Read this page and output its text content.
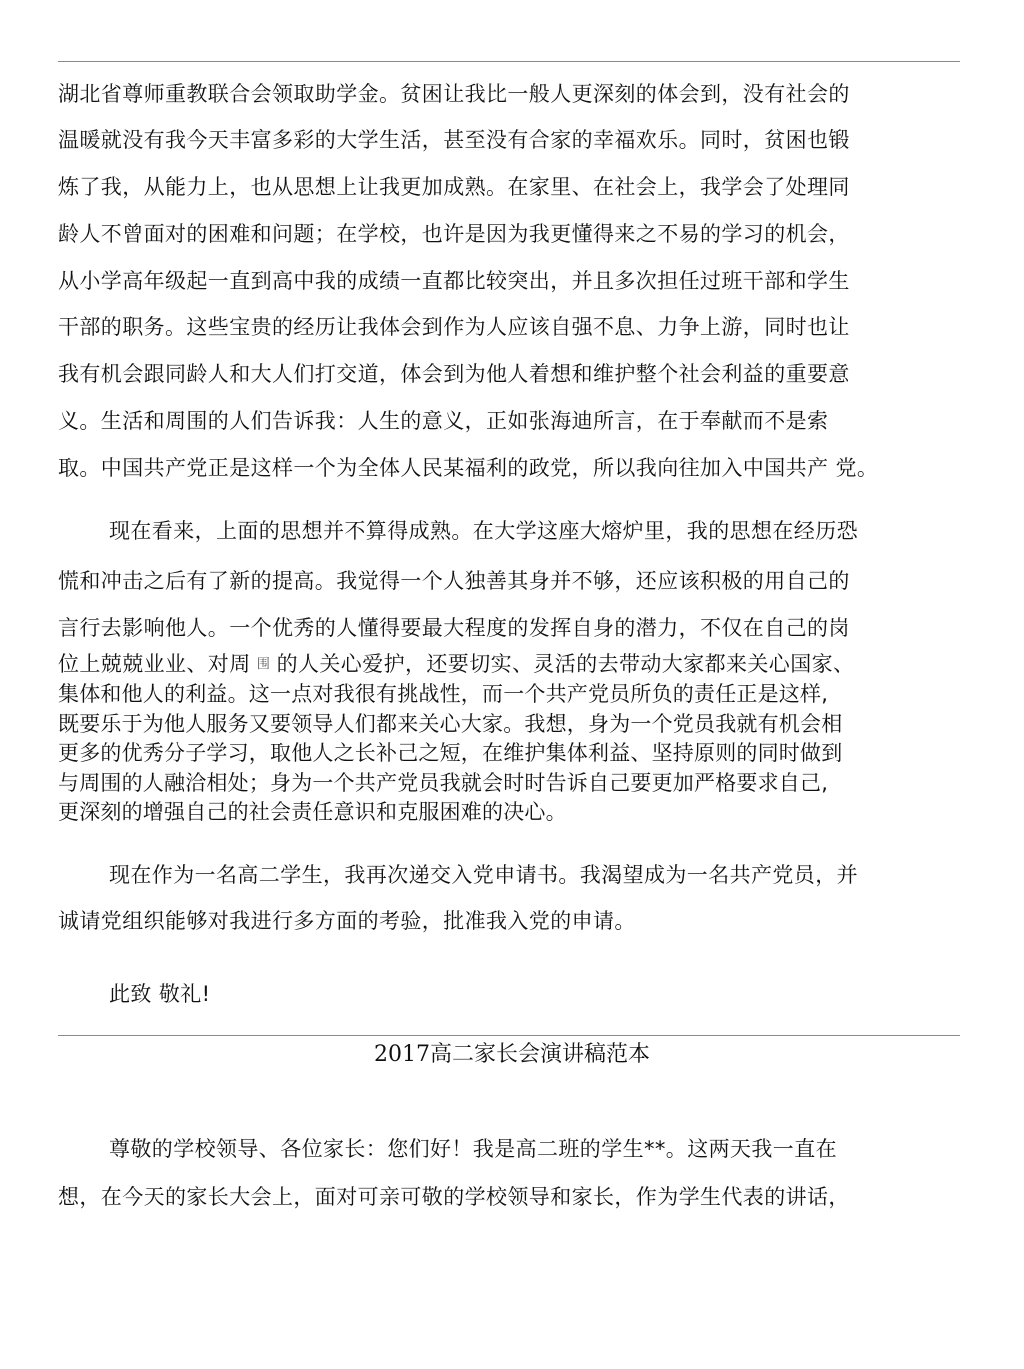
湖北省尊师重教联合会领取助学金。贫困让我比一般人更深刻的体会到，没有社会的
温暖就没有我今天丰富多彩的大学生活，甚至没有合家的幸福欢乐。同时，贫困也锻
炼了我，从能力上，也从思想上让我更加成熟。在家里、在社会上，我学会了处理同
龄人不曾面对的困难和问题；在学校，也许是因为我更懂得来之不易的学习的机会，
从小学高年级起一直到高中我的成绩一直都比较突出，并且多次担任过班干部和学生
干部的职务。这些宝贵的经历让我体会到作为人应该自强不息、力争上游，同时也让
我有机会跟同龄人和大人们打交道，体会到为他人着想和维护整个社会利益的重要意
义。生活和周围的人们告诉我：人生的意义，正如张海迪所言，在于奉献而不是索
取。中国共产党正是这样一个为全体人民某福利的政党，所以我向往加入中国共产 党。
现在看来，上面的思想并不算得成熟。在大学这座大熔炉里，我的思想在经历恐
慌和冲击之后有了新的提高。我觉得一个人独善其身并不够，还应该积极的用自己的
言行去影响他人。一个优秀的人懂得要最大程度的发挥自身的潜力，不仅在自己的岗
位上兢兢业业、对周 围 的人关心爱护，还要切实、灵活的去带动大家都来关心国家、
集体和他人的利益。这一点对我很有挑战性，而一个共产党员所负的责任正是这样,
既要乐于为他人服务又要领导人们都来关心大家。我想，身为一个党员我就有机会相
更多的优秀分子学习，取他人之长补己之短，在维护集体利益、坚持原则的同时做到
与周围的人融洽相处；身为一个共产党员我就会时时告诉自己要更加严格要求自己,
更深刻的增强自己的社会责任意识和克服困难的决心。
现在作为一名高二学生，我再次递交入党申请书。我渴望成为一名共产党员，并
诚请党组织能够对我进行多方面的考验，批准我入党的申请。
此致 敬礼!
2017高二家长会演讲稿范本
尊敬的学校领导、各位家长：您们好！我是高二班的学生**。这两天我一直在
想，在今天的家长大会上，面对可亲可敬的学校领导和家长，作为学生代表的讲话，
